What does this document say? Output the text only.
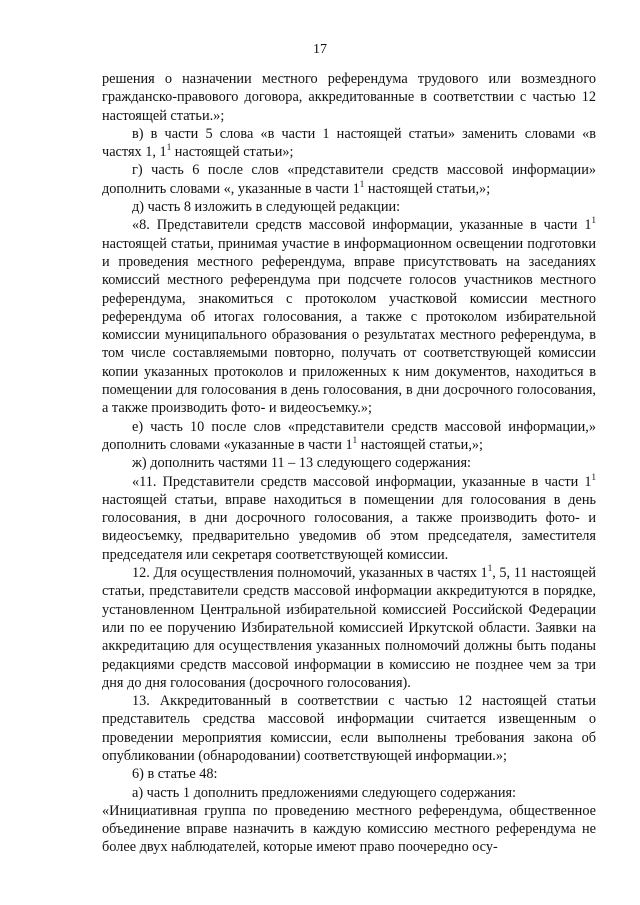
17

решения о назначении местного референдума трудового или возмездного гражданско-правового договора, аккредитованные в соответствии с частью 12 настоящей статьи.»;

в) в части 5 слова «в части 1 настоящей статьи» заменить словами «в частях 1, $1^1$ настоящей статьи»;

г) часть 6 после слов «представители средств массовой информации» дополнить словами «, указанные в части $1^1$ настоящей статьи,»;

д) часть 8 изложить в следующей редакции:

«8. Представители средств массовой информации, указанные в части $1^1$ настоящей статьи, принимая участие в информационном освещении подготовки и проведения местного референдума, вправе присутствовать на заседаниях комиссий местного референдума при подсчете голосов участников местного референдума, знакомиться с протоколом участковой комиссии местного референдума об итогах голосования, а также с протоколом избирательной комиссии муниципального образования о результатах местного референдума, в том числе составляемыми повторно, получать от соответствующей комиссии копии указанных протоколов и приложенных к ним документов, находиться в помещении для голосования в день голосования, в дни досрочного голосования, а также производить фото- и видеосъемку.»;

е) часть 10 после слов «представители средств массовой информации,» дополнить словами «указанные в части $1^1$ настоящей статьи,»;

ж) дополнить частями 11 – 13 следующего содержания:

«11. Представители средств массовой информации, указанные в части $1^1$ настоящей статьи, вправе находиться в помещении для голосования в день голосования, в дни досрочного голосования, а также производить фото- и видеосъемку, предварительно уведомив об этом председателя, заместителя председателя или секретаря соответствующей комиссии.

12. Для осуществления полномочий, указанных в частях $1^1$, 5, 11 настоящей статьи, представители средств массовой информации аккредитуются в порядке, установленном Центральной избирательной комиссией Российской Федерации или по ее поручению Избирательной комиссией Иркутской области. Заявки на аккредитацию для осуществления указанных полномочий должны быть поданы редакциями средств массовой информации в комиссию не позднее чем за три дня до дня голосования (досрочного голосования).

13. Аккредитованный в соответствии с частью 12 настоящей статьи представитель средства массовой информации считается извещенным о проведении мероприятия комиссии, если выполнены требования закона об опубликовании (обнародовании) соответствующей информации.»;

6) в статье 48:

а) часть 1 дополнить предложениями следующего содержания:

«Инициативная группа по проведению местного референдума, общественное объединение вправе назначить в каждую комиссию местного референдума не более двух наблюдателей, которые имеют право поочередно осу-
